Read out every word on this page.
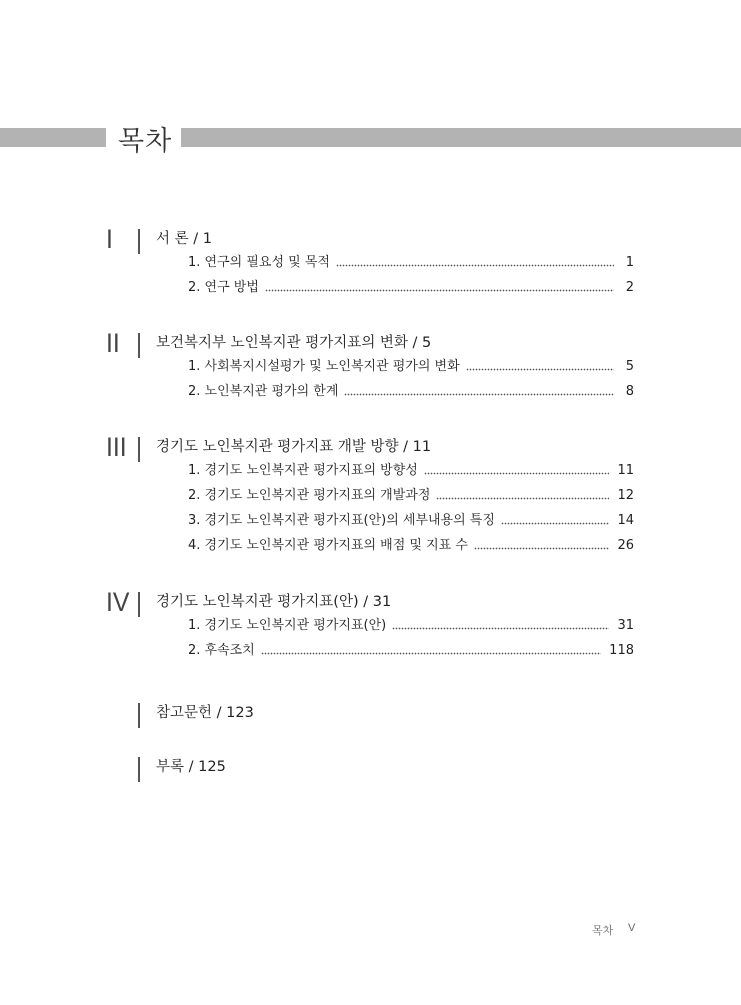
목차
I	서 론 / 1
1. 연구의 필요성 및 목적	1
2. 연구 방법	2
II 보건복지부 노인복지관 평가지표의 변화 / 5
1. 사회복지시설평가 및 노인복지관 평가의 변화	5
2. 노인복지관 평가의 한계	8
III 경기도 노인복지관 평가지표 개발 방향 / 11
1. 경기도 노인복지관 평가지표의 방향성	11
2. 경기도 노인복지관 평가지표의 개발과정	12
3. 경기도 노인복지관 평가지표(안)의 세부내용의 특징	14
4. 경기도 노인복지관 평가지표의 배점 및 지표 수	26
IV 경기도 노인복지관 평가지표(안) / 31
1. 경기도 노인복지관 평가지표(안)	31
2. 후속조치	118
참고문헌 / 123
부록 / 125
목차 V
